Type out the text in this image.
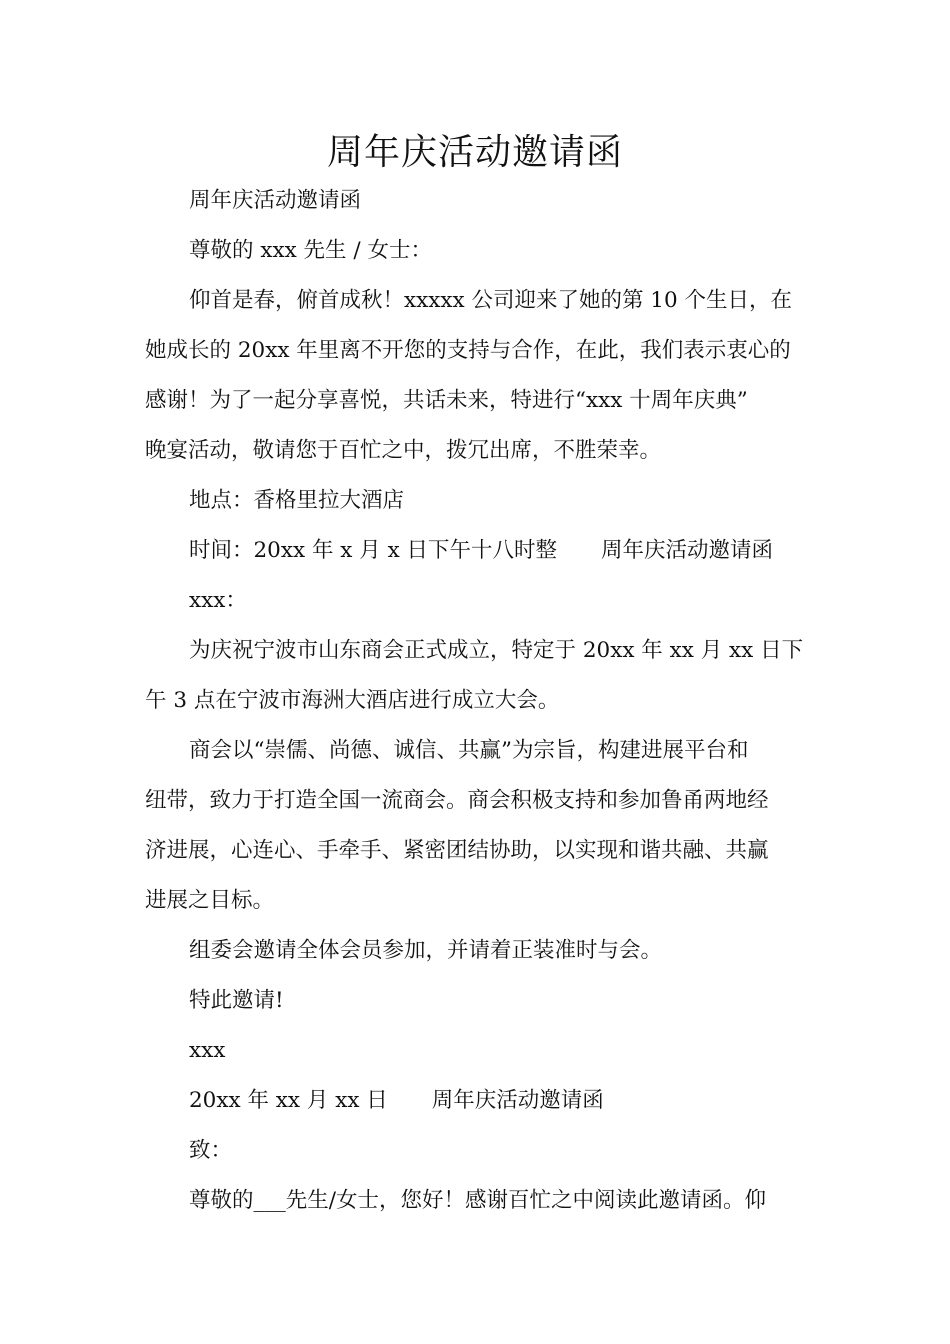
周年庆活动邀请函

周年庆活动邀请函

尊敬的 xxx 先生 / 女士：

仰首是春，俯首成秋！xxxxx 公司迎来了她的第 10 个生日，在

她成长的 20xx 年里离不开您的支持与合作，在此，我们表示衷心的

感谢！为了一起分享喜悦，共话未来，特进行“xxx 十周年庆典”

晚宴活动，敬请您于百忙之中，拨冗出席，不胜荣幸。

地点：香格里拉大酒店

时间：20xx 年 x 月 x 日下午十八时整 周年庆活动邀请函

xxx：

为庆祝宁波市山东商会正式成立，特定于 20xx 年 xx 月 xx 日下

午 3 点在宁波市海洲大酒店进行成立大会。

商会以“崇儒、尚德、诚信、共赢”为宗旨，构建进展平台和

纽带，致力于打造全国一流商会。商会积极支持和参加鲁甬两地经

济进展，心连心、手牵手、紧密团结协助，以实现和谐共融、共赢

进展之目标。

组委会邀请全体会员参加，并请着正装准时与会。

特此邀请!

xxx

20xx 年 xx 月 xx 日 周年庆活动邀请函

致：

尊敬的___先生/女士，您好！感谢百忙之中阅读此邀请函。仰
